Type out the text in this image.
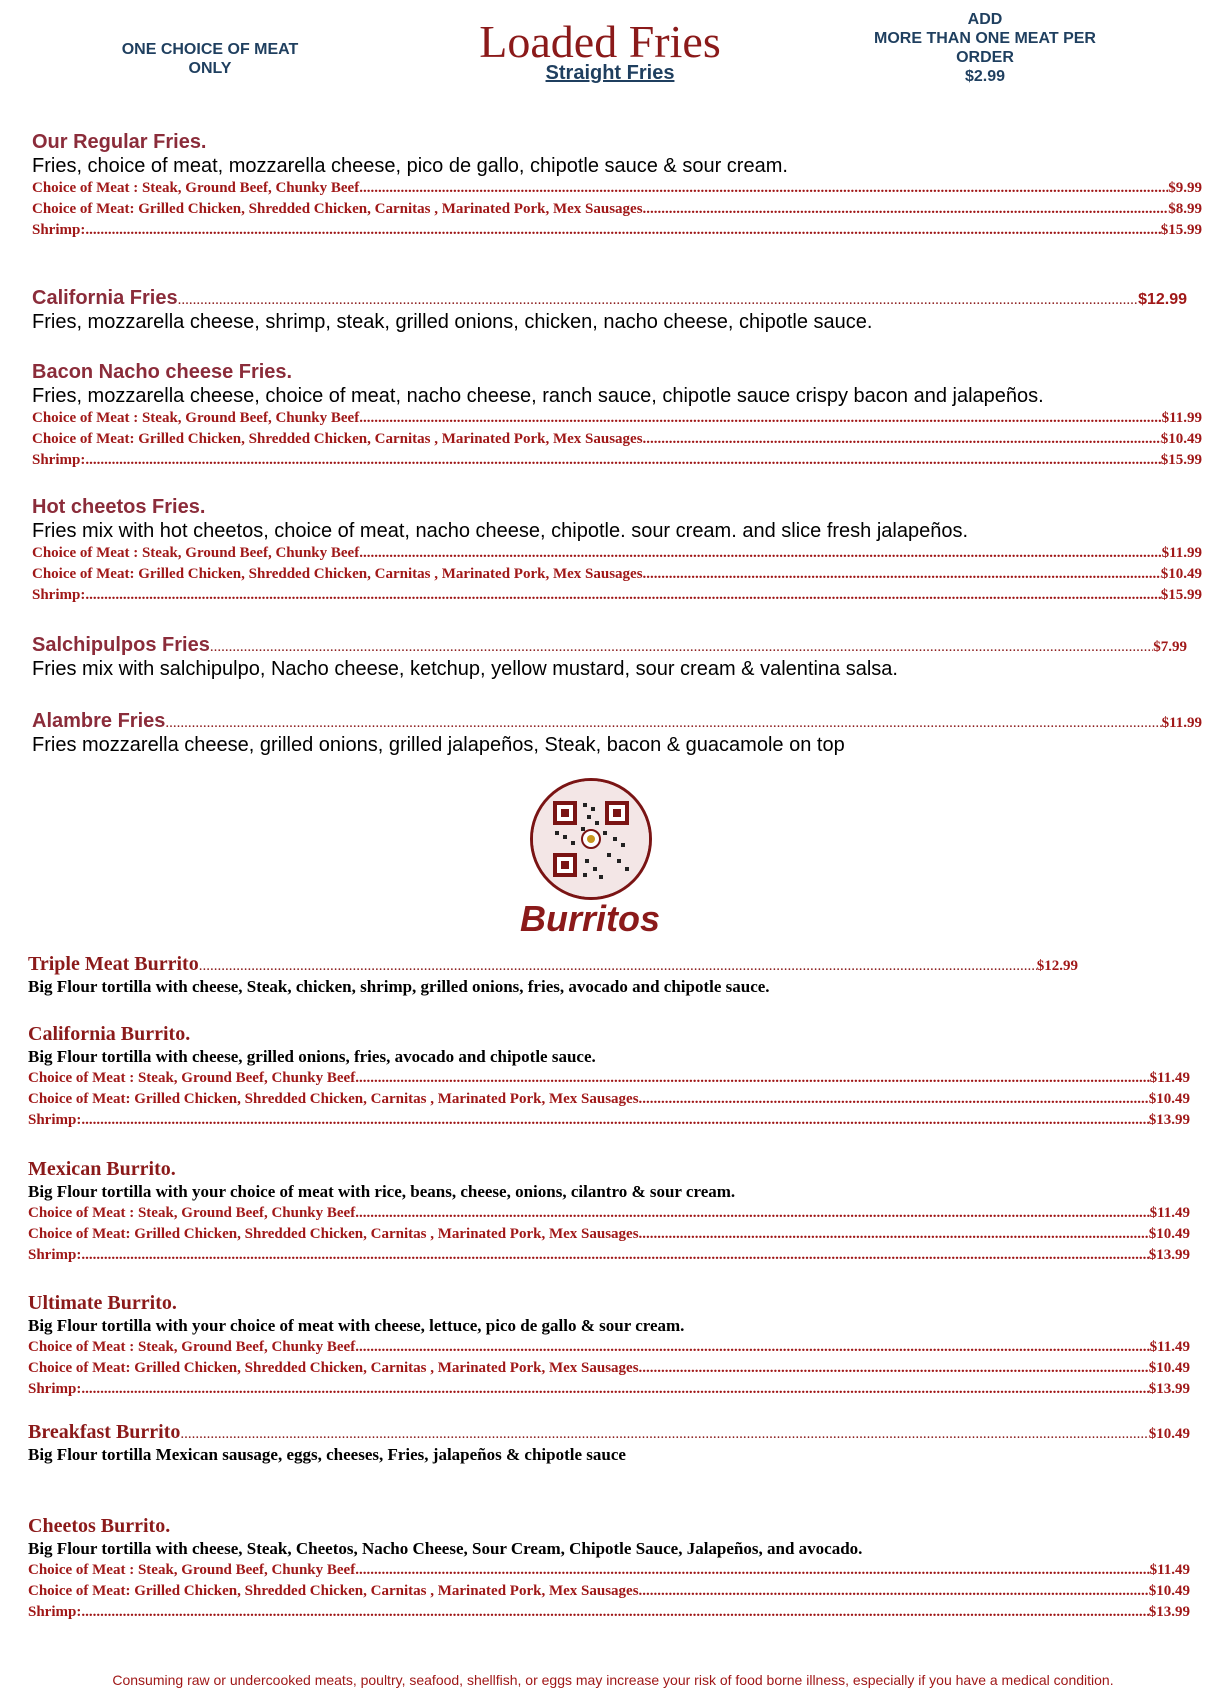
ONE CHOICE OF MEAT ONLY
Loaded Fries
Straight Fries
ADD
MORE THAN ONE MEAT PER ORDER
$2.99
Our Regular Fries.
Fries, choice of meat, mozzarella cheese, pico de gallo, chipotle sauce & sour cream.
Choice of Meat : Steak, Ground Beef, Chunky Beef .....	$9.99
Choice of Meat: Grilled Chicken, Shredded Chicken, Carnitas , Marinated Pork, Mex Sausages .....	$8.99
Shrimp: .....	$15.99
California Fries .....	$12.99
Fries, mozzarella cheese, shrimp, steak, grilled onions, chicken, nacho cheese, chipotle sauce.
Bacon Nacho cheese Fries.
Fries, mozzarella cheese, choice of meat, nacho cheese, ranch sauce, chipotle sauce crispy bacon and jalapeños.
Choice of Meat : Steak, Ground Beef, Chunky Beef .....	$11.99
Choice of Meat: Grilled Chicken, Shredded Chicken, Carnitas , Marinated Pork, Mex Sausages .....	$10.49
Shrimp: .....	$15.99
Hot cheetos Fries.
Fries mix with hot cheetos, choice of meat, nacho cheese, chipotle. sour cream. and slice fresh jalapeños.
Choice of Meat : Steak, Ground Beef, Chunky Beef .....	$11.99
Choice of Meat: Grilled Chicken, Shredded Chicken, Carnitas , Marinated Pork, Mex Sausages .....	$10.49
Shrimp: .....	$15.99
Salchipulpos Fries .....	$7.99
Fries mix with salchipulpo, Nacho cheese, ketchup, yellow mustard, sour cream & valentina salsa.
Alambre Fries .....	$11.99
Fries mozzarella cheese, grilled onions, grilled jalapeños, Steak, bacon & guacamole on top
Burritos
Triple Meat Burrito .....	$12.99
Big Flour tortilla with cheese, Steak, chicken, shrimp, grilled onions, fries, avocado and chipotle sauce.
California Burrito.
Big Flour tortilla with cheese, grilled onions, fries, avocado and chipotle sauce.
Choice of Meat : Steak, Ground Beef, Chunky Beef .....	$11.49
Choice of Meat: Grilled Chicken, Shredded Chicken, Carnitas , Marinated Pork, Mex Sausages .....	$10.49
Shrimp: .....	$13.99
Mexican Burrito.
Big Flour tortilla with your choice of meat with rice, beans, cheese, onions, cilantro & sour cream.
Choice of Meat : Steak, Ground Beef, Chunky Beef .....	$11.49
Choice of Meat: Grilled Chicken, Shredded Chicken, Carnitas , Marinated Pork, Mex Sausages .....	$10.49
Shrimp: .....	$13.99
Ultimate Burrito.
Big Flour tortilla with your choice of meat with cheese, lettuce, pico de gallo & sour cream.
Choice of Meat : Steak, Ground Beef, Chunky Beef .....	$11.49
Choice of Meat: Grilled Chicken, Shredded Chicken, Carnitas , Marinated Pork, Mex Sausages .....	$10.49
Shrimp: .....	$13.99
Breakfast Burrito .....	$10.49
Big Flour tortilla Mexican sausage, eggs, cheeses, Fries, jalapeños & chipotle sauce
Cheetos Burrito.
Big Flour tortilla with cheese, Steak, Cheetos, Nacho Cheese, Sour Cream, Chipotle Sauce, Jalapeños, and avocado.
Choice of Meat : Steak, Ground Beef, Chunky Beef .....	$11.49
Choice of Meat: Grilled Chicken, Shredded Chicken, Carnitas , Marinated Pork, Mex Sausages .....	$10.49
Shrimp: .....	$13.99
Consuming raw or undercooked meats, poultry, seafood, shellfish, or eggs may increase your risk of food borne illness, especially if you have a medical condition.
